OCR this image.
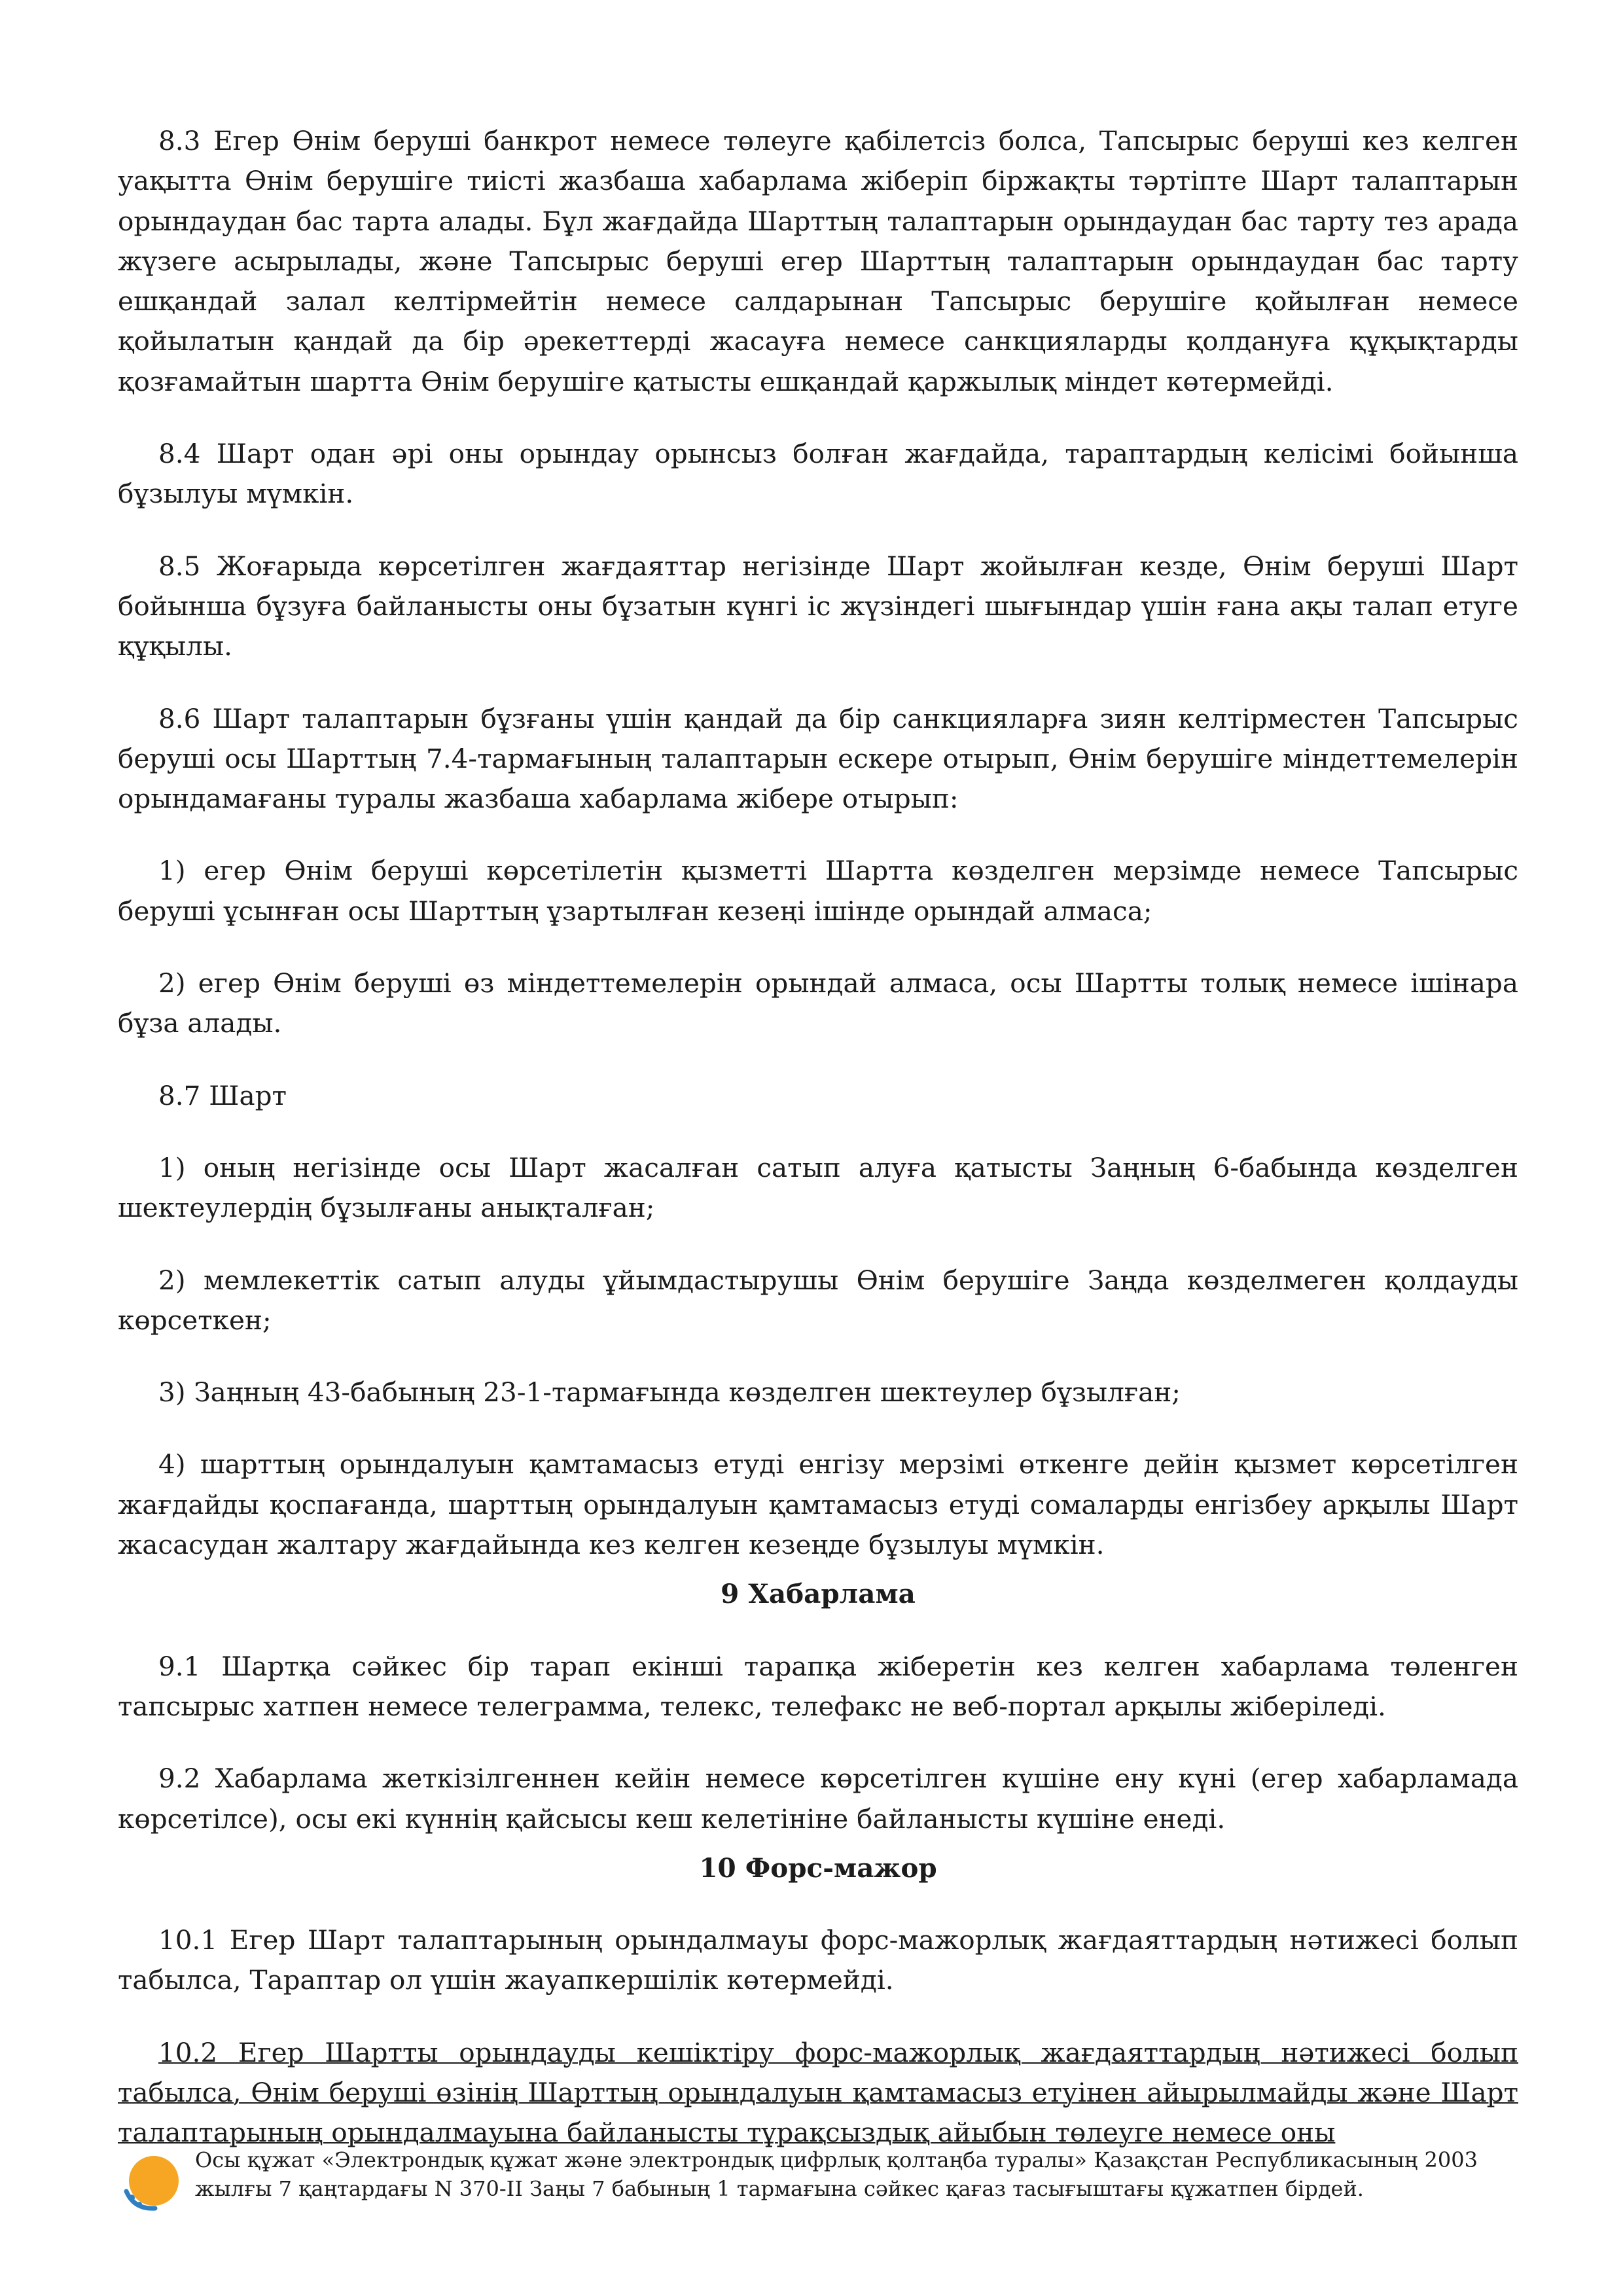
8.3 Егер Өнім беруші банкрот немесе төлеуге қабілетсіз болса, Тапсырыс беруші кез келген уақытта Өнім берушіге тиісті жазбаша хабарлама жіберіп біржақты тәртіпте Шарт талаптарын орындаудан бас тарта алады. Бұл жағдайда Шарттың талаптарын орындаудан бас тарту тез арада жүзеге асырылады, және Тапсырыс беруші егер Шарттың талаптарын орындаудан бас тарту ешқандай залал келтірмейтін немесе салдарынан Тапсырыс берушіге қойылған немесе қойылатын қандай да бір әрекеттерді жасауға немесе санкцияларды қолдануға құқықтарды қозғамайтын шартта Өнім берушіге қатысты ешқандай қаржылық міндет көтермейді.

8.4 Шарт одан әрі оны орындау орынсыз болған жағдайда, тараптардың келісімі бойынша бұзылуы мүмкін.

8.5 Жоғарыда көрсетілген жағдаяттар негізінде Шарт жойылған кезде, Өнім беруші Шарт бойынша бұзуға байланысты оны бұзатын күнгі іс жүзіндегі шығындар үшін ғана ақы талап етуге құқылы.

8.6 Шарт талаптарын бұзғаны үшін қандай да бір санкцияларға зиян келтірместен Тапсырыс беруші осы Шарттың 7.4-тармағының талаптарын ескере отырып, Өнім берушіге міндеттемелерін орындамағаны туралы жазбаша хабарлама жібере отырып:

1) егер Өнім беруші көрсетілетін қызметті Шартта көзделген мерзімде немесе Тапсырыс беруші ұсынған осы Шарттың ұзартылған кезеңі ішінде орындай алмаса;

2) егер Өнім беруші өз міндеттемелерін орындай алмаса, осы Шартты толық немесе ішінара бұза алады.

8.7 Шарт

1) оның негізінде осы Шарт жасалған сатып алуға қатысты Заңның 6-бабында көзделген шектеулердің бұзылғаны анықталған;

2) мемлекеттік сатып алуды ұйымдастырушы Өнім берушіге Заңда көзделмеген қолдауды көрсеткен;

3) Заңның 43-бабының 23-1-тармағында көзделген шектеулер бұзылған;

4) шарттың орындалуын қамтамасыз етуді енгізу мерзімі өткенге дейін қызмет көрсетілген жағдайды қоспағанда, шарттың орындалуын қамтамасыз етуді сомаларды енгізбеу арқылы Шарт жасасудан жалтару жағдайында кез келген кезеңде бұзылуы мүмкін.

9 Хабарлама

9.1 Шартқа сәйкес бір тарап екінші тарапқа жіберетін кез келген хабарлама төленген тапсырыс хатпен немесе телеграмма, телекс, телефакс не веб-портал арқылы жіберіледі.

9.2 Хабарлама жеткізілгеннен кейін немесе көрсетілген күшіне ену күні (егер хабарламада көрсетілсе), осы екі күннің қайсысы кеш келетініне байланысты күшіне енеді.

10 Форс-мажор

10.1 Егер Шарт талаптарының орындалмауы форс-мажорлық жағдаяттардың нәтижесі болып табылса, Тараптар ол үшін жауапкершілік көтермейді.

10.2 Егер Шартты орындауды кешіктіру форс-мажорлық жағдаяттардың нәтижесі болып табылса, Өнім беруші өзінің Шарттың орындалуын қамтамасыз етуінен айырылмайды және Шарт талаптарының орындалмауына байланысты тұрақсыздық айыбын төлеуге немесе оны

Осы құжат «Электрондық құжат және электрондық цифрлық қолтаңба туралы» Қазақстан Республикасының 2003 жылғы 7 қаңтардағы N 370-II Заңы 7 бабының 1 тармағына сәйкес қағаз тасығыштағы құжатпен бірдей.
